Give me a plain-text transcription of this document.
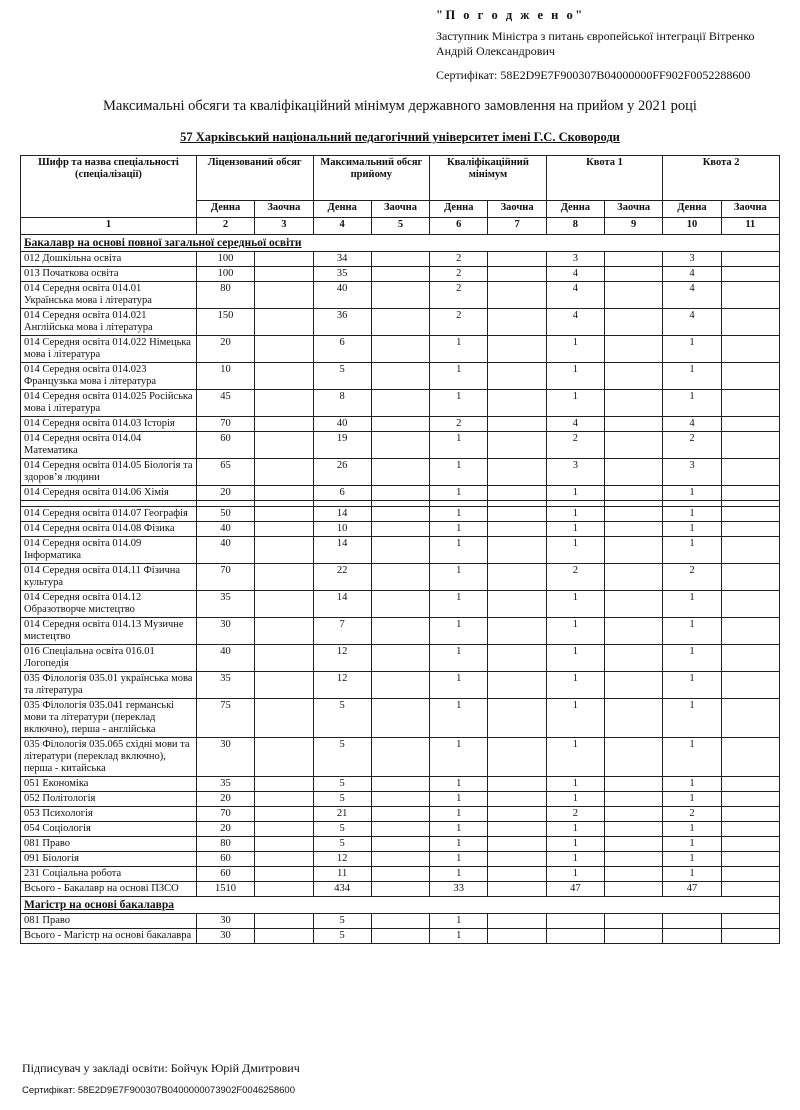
"П о г о д ж е н о"
Заступник Міністра з питань європейської інтеграції Вітренко
Андрій Олександрович
Сертифікат: 58E2D9E7F900307B04000000FF902F0052288600
Максимальні обсяги та кваліфікаційний мінімум державного замовлення на прийом у 2021 році
57 Харківський національний педагогічний університет імені Г.С. Сковороди
Шифр та назва спеціальності (спеціалізації)	Ліцензований обсяг		Максимальний обсяг прийому		Кваліфікаційний мінімум		Квота 1		Квота 2	
	Денна	Заочна	Денна	Заочна	Денна	Заочна	Денна	Заочна	Денна	Заочна
1	2	3	4	5	6	7	8	9	10	11
Бакалавр на основі повної загальної середньої освіти										
012 Дошкільна освіта	100		34		2		3		3	
013 Початкова освіта	100		35		2		4		4	
014 Середня освіта 014.01 Українська мова і література	80		40		2		4		4	
014 Середня освіта 014.021 Англійська мова і література	150		36		2		4		4	
014 Середня освіта 014.022 Німецька мова і література	20		6		1		1		1	
014 Середня освіта 014.023 Французька мова і література	10		5		1		1		1	
014 Середня освіта 014.025 Російська мова і література	45		8		1		1		1	
014 Середня освіта 014.03 Історія	70		40		2		4		4	
014 Середня освіта 014.04 Математика	60		19		1		2		2	
014 Середня освіта 014.05 Біологія та здоров’я людини	65		26		1		3		3	
014 Середня освіта 014.06 Хімія	20		6		1		1		1	

014 Середня освіта 014.07 Географія	50		14		1		1		1	
014 Середня освіта 014.08 Фізика	40		10		1		1		1	
014 Середня освіта 014.09 Інформатика	40		14		1		1		1	
014 Середня освіта 014.11 Фізична культура	70		22		1		2		2	
014 Середня освіта 014.12 Образотворче мистецтво	35		14		1		1		1	
014 Середня освіта 014.13 Музичне мистецтво	30		7		1		1		1	
016 Спеціальна освіта 016.01 Логопедія	40		12		1		1		1	
035 Філологія 035.01 українська мова та література	35		12		1		1		1	
035 Філологія 035.041 германські мови та літератури (переклад включно), перша - англійська	75		5		1		1		1	
035 Філологія 035.065 східні мови та літератури (переклад включно), перша - китайська	30		5		1		1		1	
051 Економіка	35		5		1		1		1	
052 Політологія	20		5		1		1		1	
053 Психологія	70		21		1		2		2	
054 Соціологія	20		5		1		1		1	
081 Право	80		5		1		1		1	
091 Біологія	60		12		1		1		1	
231 Соціальна робота	60		11		1		1		1	
Всього - Бакалавр на основі ПЗСО	1510		434		33		47		47	
Магістр на основі бакалавра										
081 Право	30		5		1					
Всього - Магістр на основі бакалавра	30		5		1					
Підписувач у закладі освіти: Бойчук Юрій Дмитрович
Сертифікат: 58E2D9E7F900307B0400000073902F0046258600
